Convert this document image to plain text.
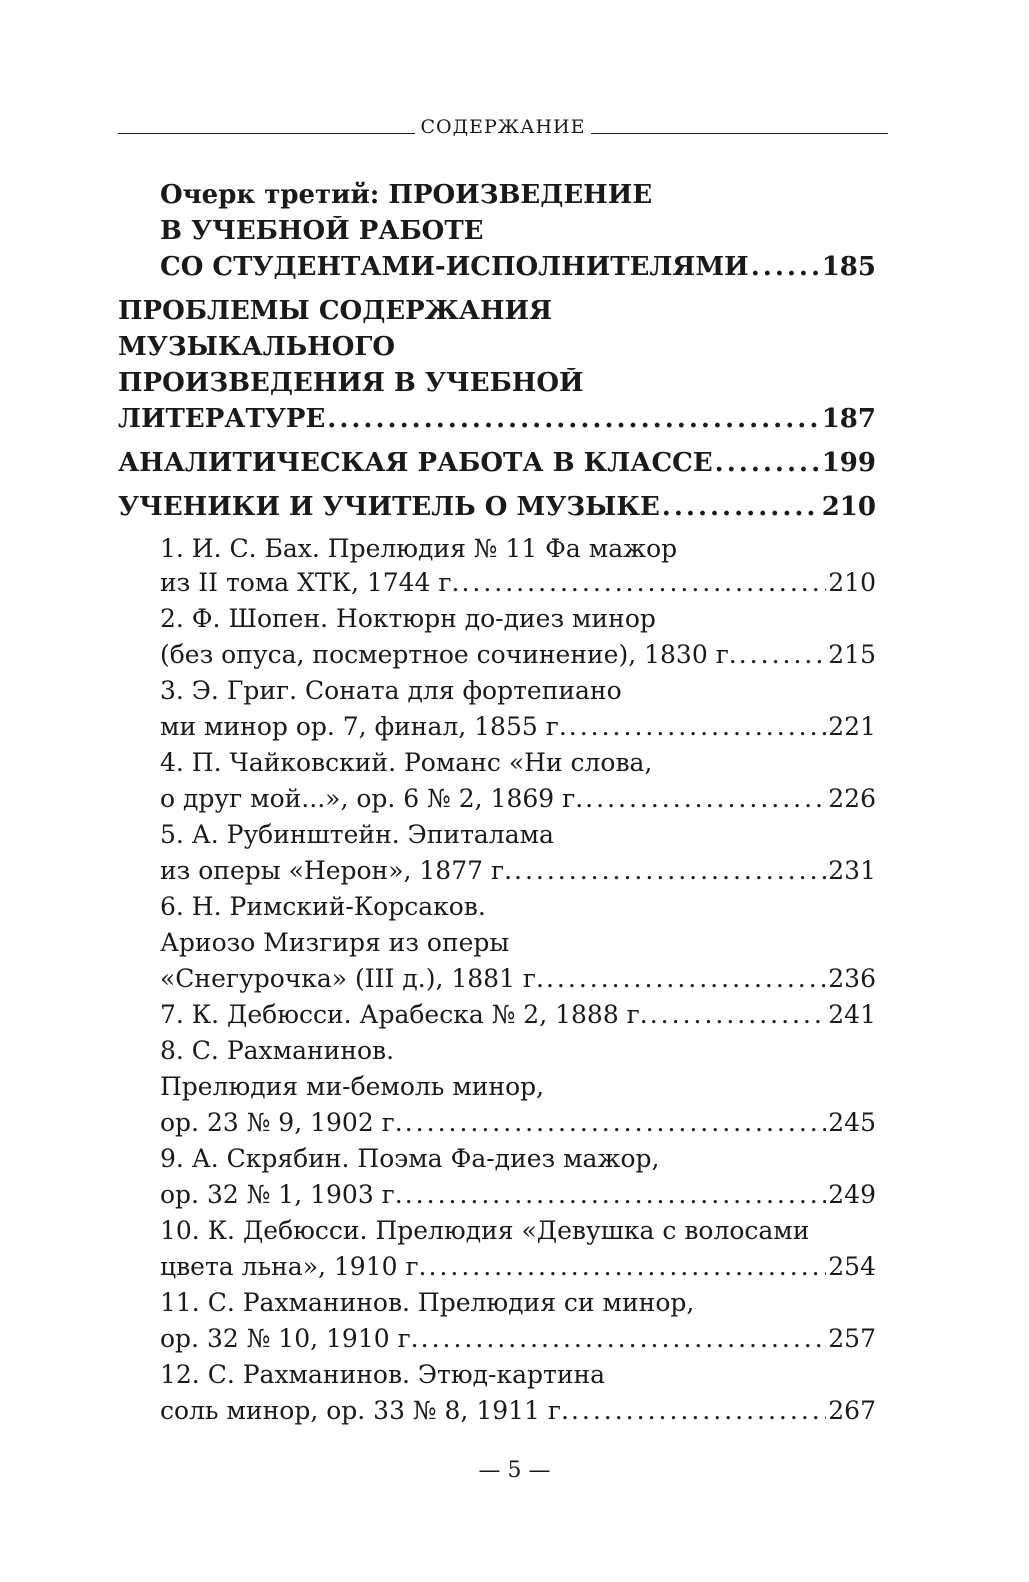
СОДЕРЖАНИЕ
Очерк третий: ПРОИЗВЕДЕНИЕ
В УЧЕБНОЙ РАБОТЕ
СО СТУДЕНТАМИ-ИСПОЛНИТЕЛЯМИ .....	185
ПРОБЛЕМЫ СОДЕРЖАНИЯ
МУЗЫКАЛЬНОГО
ПРОИЗВЕДЕНИЯ В УЧЕБНОЙ
ЛИТЕРАТУРЕ .....	187
АНАЛИТИЧЕСКАЯ РАБОТА В КЛАССЕ .....	199
УЧЕНИКИ И УЧИТЕЛЬ О МУЗЫКЕ .....	210
1. И. С. Бах. Прелюдия № 11 Фа мажор
из II тома ХТК, 1744 г. .....	210
2. Ф. Шопен. Ноктюрн до-диез минор
(без опуса, посмертное сочинение), 1830 г. .....	215
3. Э. Григ. Соната для фортепиано
ми минор ор. 7, финал, 1855 г. .....	221
4. П. Чайковский. Романс «Ни слова,
о друг мой...», ор. 6 № 2, 1869 г. .....	226
5. А. Рубинштейн. Эпиталама
из оперы «Нерон», 1877 г. .....	231
6. Н. Римский-Корсаков.
Ариозо Мизгиря из оперы
«Снегурочка» (III д.), 1881 г. .....	236
7. К. Дебюсси. Арабеска № 2, 1888 г. .....	241
8. С. Рахманинов.
Прелюдия ми-бемоль минор,
ор. 23 № 9, 1902 г. .....	245
9. А. Скрябин. Поэма Фа-диез мажор,
ор. 32 № 1, 1903 г. .....	249
10. К. Дебюсси. Прелюдия «Девушка с волосами
цвета льна», 1910 г. .....	254
11. С. Рахманинов. Прелюдия си минор,
ор. 32 № 10, 1910 г. .....	257
12. С. Рахманинов. Этюд-картина
соль минор, ор. 33 № 8, 1911 г. .....	267
— 5 —
